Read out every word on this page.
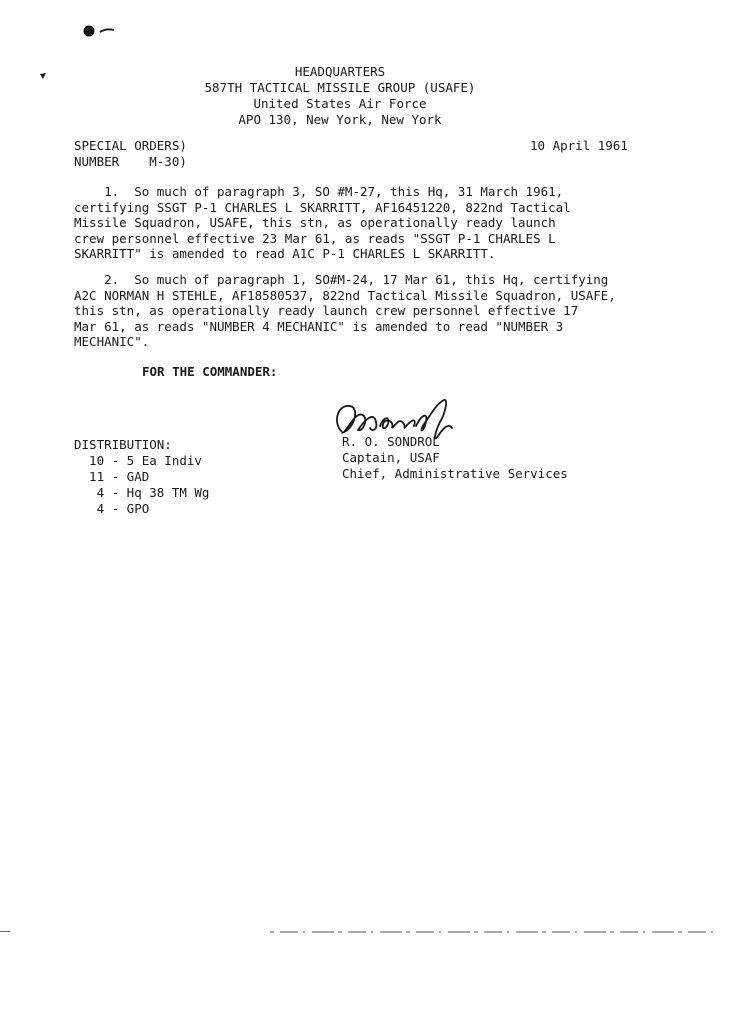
HEADQUARTERS
587TH TACTICAL MISSILE GROUP (USAFE)
United States Air Force
APO 130, New York, New York
SPECIAL ORDERS)
NUMBER    M-30)
10 April 1961
1.  So much of paragraph 3, SO #M-27, this Hq, 31 March 1961,
certifying SSGT P-1 CHARLES L SKARRITT, AF16451220, 822nd Tactical
Missile Squadron, USAFE, this stn, as operationally ready launch
crew personnel effective 23 Mar 61, as reads "SSGT P-1 CHARLES L
SKARRITT" is amended to read A1C P-1 CHARLES L SKARRITT.
2.  So much of paragraph 1, SO#M-24, 17 Mar 61, this Hq, certifying
A2C NORMAN H STEHLE, AF18580537, 822nd Tactical Missile Squadron, USAFE,
this stn, as operationally ready launch crew personnel effective 17
Mar 61, as reads "NUMBER 4 MECHANIC" is amended to read "NUMBER 3
MECHANIC".
FOR THE COMMANDER:
R. O. SONDROL
Captain, USAF
Chief, Administrative Services
DISTRIBUTION:
10 - 5 Ea Indiv
11 - GAD
4 - Hq 38 TM Wg
4 - GPO
